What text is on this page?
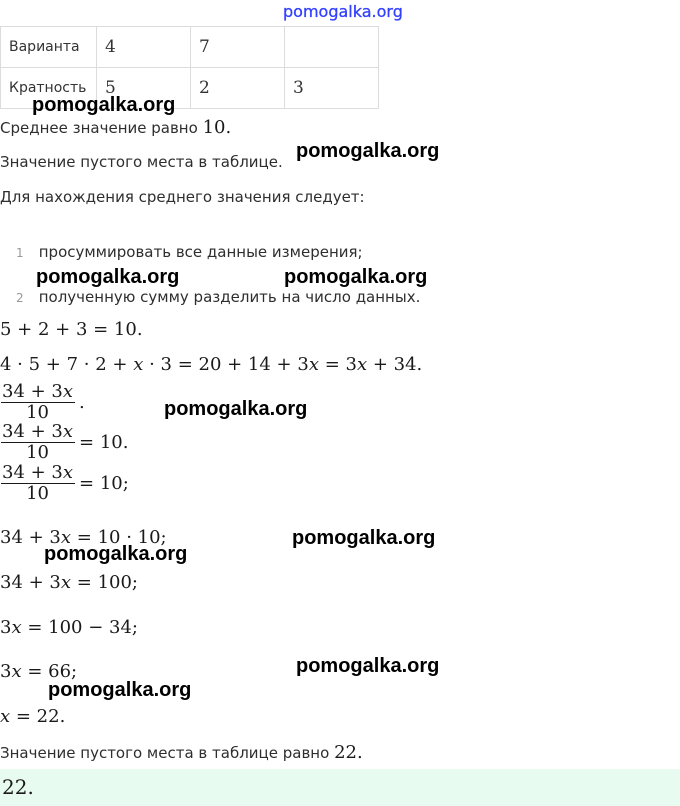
pomogalka.org
Варианта	4	7	
Кратность	5	2	3
Среднее значение равно 10.
Значение пустого места в таблице.
Для нахождения среднего значения следует:
1 просуммировать все данные измерения;
2 полученную сумму разделить на число данных.
5 + 2 + 3 = 10.
4 · 5 + 7 · 2 + x · 3 = 20 + 14 + 3x = 3x + 34.
$\frac{34 + 3x}{10}$ .
$\frac{34 + 3x}{10} = 10$.
$\frac{34 + 3x}{10} = 10$;
34 + 3x = 10 · 10;
34 + 3x = 100;
3x = 100 − 34;
3x = 66;
x = 22.
Значение пустого места в таблице равно 22.
22.
pomogalka.org
pomogalka.org
pomogalka.org	pomogalka.org
pomogalka.org
pomogalka.org
pomogalka.org
pomogalka.org
pomogalka.org
